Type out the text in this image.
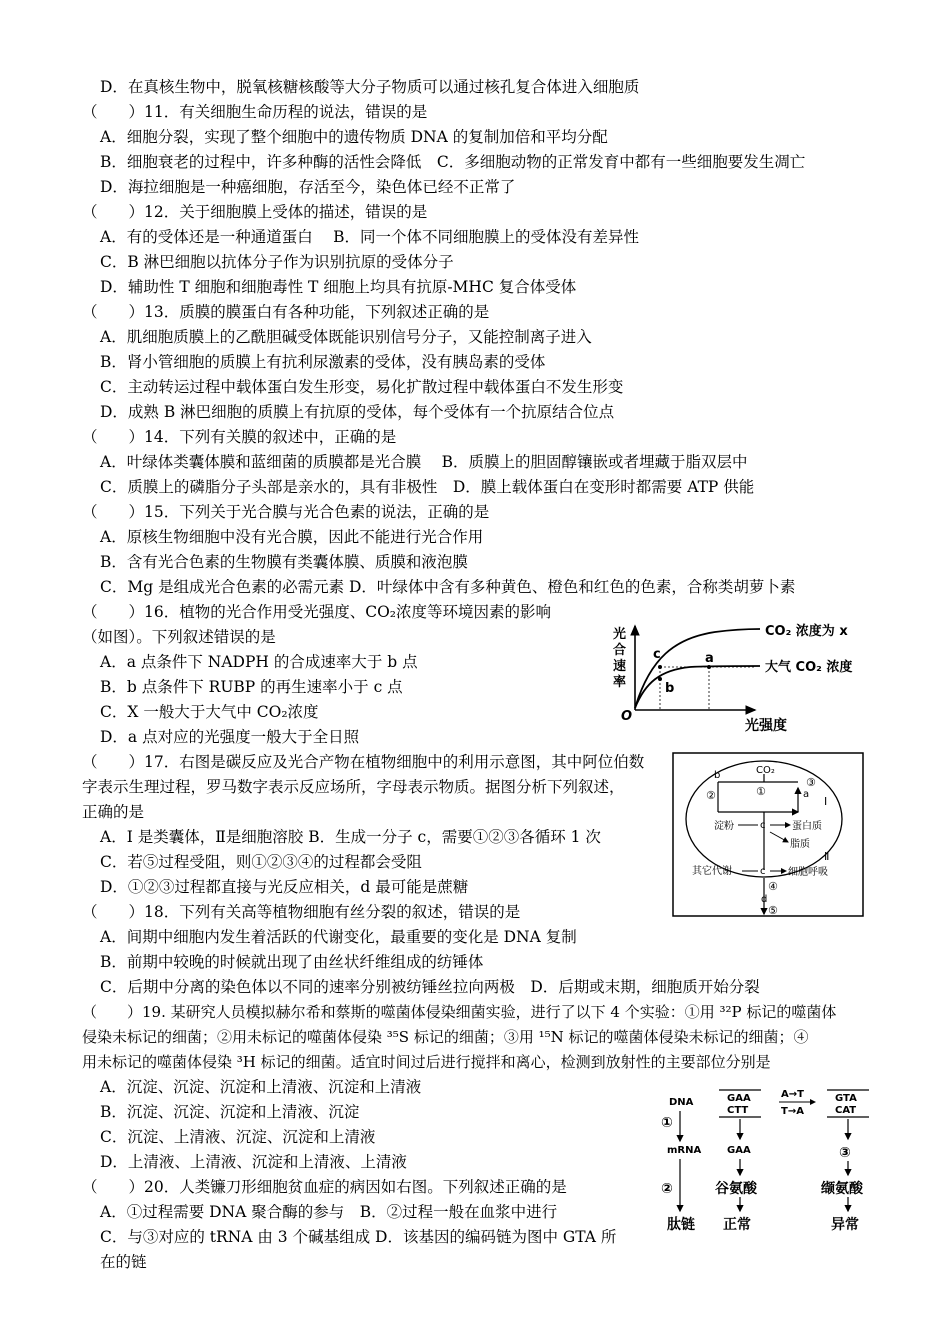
D．在真核生物中，脱氧核糖核酸等大分子物质可以通过核孔复合体进入细胞质
（　　）11．有关细胞生命历程的说法，错误的是
A．细胞分裂，实现了整个细胞中的遗传物质 DNA 的复制加倍和平均分配
B．细胞衰老的过程中，许多种酶的活性会降低　C．多细胞动物的正常发育中都有一些细胞要发生凋亡
D．海拉细胞是一种癌细胞，存活至今，染色体已经不正常了
（　　）12．关于细胞膜上受体的描述，错误的是
A．有的受体还是一种通道蛋白　 B．同一个体不同细胞膜上的受体没有差异性
C．B 淋巴细胞以抗体分子作为识别抗原的受体分子
D．辅助性 T 细胞和细胞毒性 T 细胞上均具有抗原-MHC 复合体受体
（　　）13．质膜的膜蛋白有各种功能，下列叙述正确的是
A．肌细胞质膜上的乙酰胆碱受体既能识别信号分子，又能控制离子进入
B．肾小管细胞的质膜上有抗利尿激素的受体，没有胰岛素的受体
C．主动转运过程中载体蛋白发生形变，易化扩散过程中载体蛋白不发生形变
D．成熟 B 淋巴细胞的质膜上有抗原的受体，每个受体有一个抗原结合位点
（　　）14．下列有关膜的叙述中，正确的是
A．叶绿体类囊体膜和蓝细菌的质膜都是光合膜　 B．质膜上的胆固醇镶嵌或者埋藏于脂双层中
C．质膜上的磷脂分子头部是亲水的，具有非极性　D．膜上载体蛋白在变形时都需要 ATP 供能
（　　）15．下列关于光合膜与光合色素的说法，正确的是
A．原核生物细胞中没有光合膜，因此不能进行光合作用
B．含有光合色素的生物膜有类囊体膜、质膜和液泡膜
C．Mg 是组成光合色素的必需元素 D．叶绿体中含有多种黄色、橙色和红色的色素，合称类胡萝卜素
（　　）16．植物的光合作用受光强度、CO₂浓度等环境因素的影响
（如图）。下列叙述错误的是
A．a 点条件下 NADPH 的合成速率大于 b 点
B．b 点条件下 RUBP 的再生速率小于 c 点
C．X 一般大于大气中 CO₂浓度
D．a 点对应的光强度一般大于全日照
（　　）17．右图是碳反应及光合产物在植物细胞中的利用示意图，其中阿位伯数
字表示生理过程，罗马数字表示反应场所，字母表示物质。据图分析下列叙述，
正确的是
A．I 是类囊体，Ⅱ是细胞溶胶 B．生成一分子 c，需要①②③各循环 1 次
C．若⑤过程受阻，则①②③④的过程都会受阻
D．①②③过程都直接与光反应相关，d 最可能是蔗糖
（　　）18．下列有关高等植物细胞有丝分裂的叙述，错误的是
A．间期中细胞内发生着活跃的代谢变化，最重要的变化是 DNA 复制
B．前期中较晚的时候就出现了由丝状纤维组成的纺锤体
C．后期中分离的染色体以不同的速率分别被纺锤丝拉向两极　D．后期或末期，细胞质开始分裂
（　　）19. 某研究人员模拟赫尔希和蔡斯的噬菌体侵染细菌实验，进行了以下 4 个实验：①用 ³²P 标记的噬菌体
侵染未标记的细菌；②用未标记的噬菌体侵染 ³⁵S 标记的细菌；③用 ¹⁵N 标记的噬菌体侵染未标记的细菌；④
用未标记的噬菌体侵染 ³H 标记的细菌。适宜时间过后进行搅拌和离心，检测到放射性的主要部位分别是
A．沉淀、沉淀、沉淀和上清液、沉淀和上清液
B．沉淀、沉淀、沉淀和上清液、沉淀
C．沉淀、上清液、沉淀、沉淀和上清液
D．上清液、上清液、沉淀和上清液、上清液
（　　）20．人类镰刀形细胞贫血症的病因如右图。下列叙述正确的是
A．①过程需要 DNA 聚合酶的参与　B．②过程一般在血浆中进行
C．与③对应的 tRNA 由 3 个碱基组成 D．该基因的编码链为图中 GTA 所
在的链
光
合
速
率
O
光强度
c	a
b
CO₂ 浓度为 x
大气 CO₂ 浓度
CO₂
b
a
①
②
③
I
c
淀粉	蛋白质
脂质
Ⅱ
c
其它代谢	细胞呼吸
④
d
⑤
DNA
①
mRNA
②
肽链
GAA
CTT
GAA
谷氨酸
正常
A→T
T→A
GTA
CAT
③
缬氨酸
异常
